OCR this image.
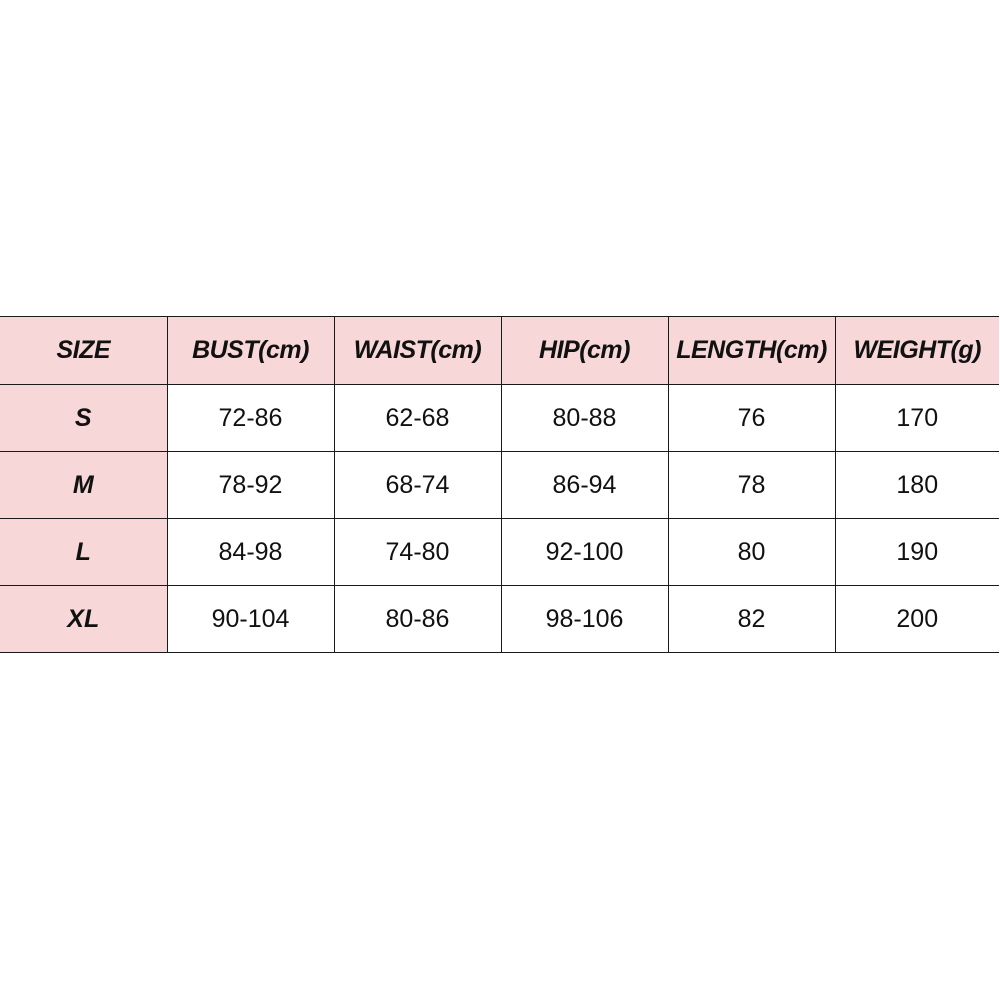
SIZE	BUST(cm)	WAIST(cm)	HIP(cm)	LENGTH(cm)	WEIGHT(g)
S	72-86	62-68	80-88	76	170
M	78-92	68-74	86-94	78	180
L	84-98	74-80	92-100	80	190
XL	90-104	80-86	98-106	82	200
